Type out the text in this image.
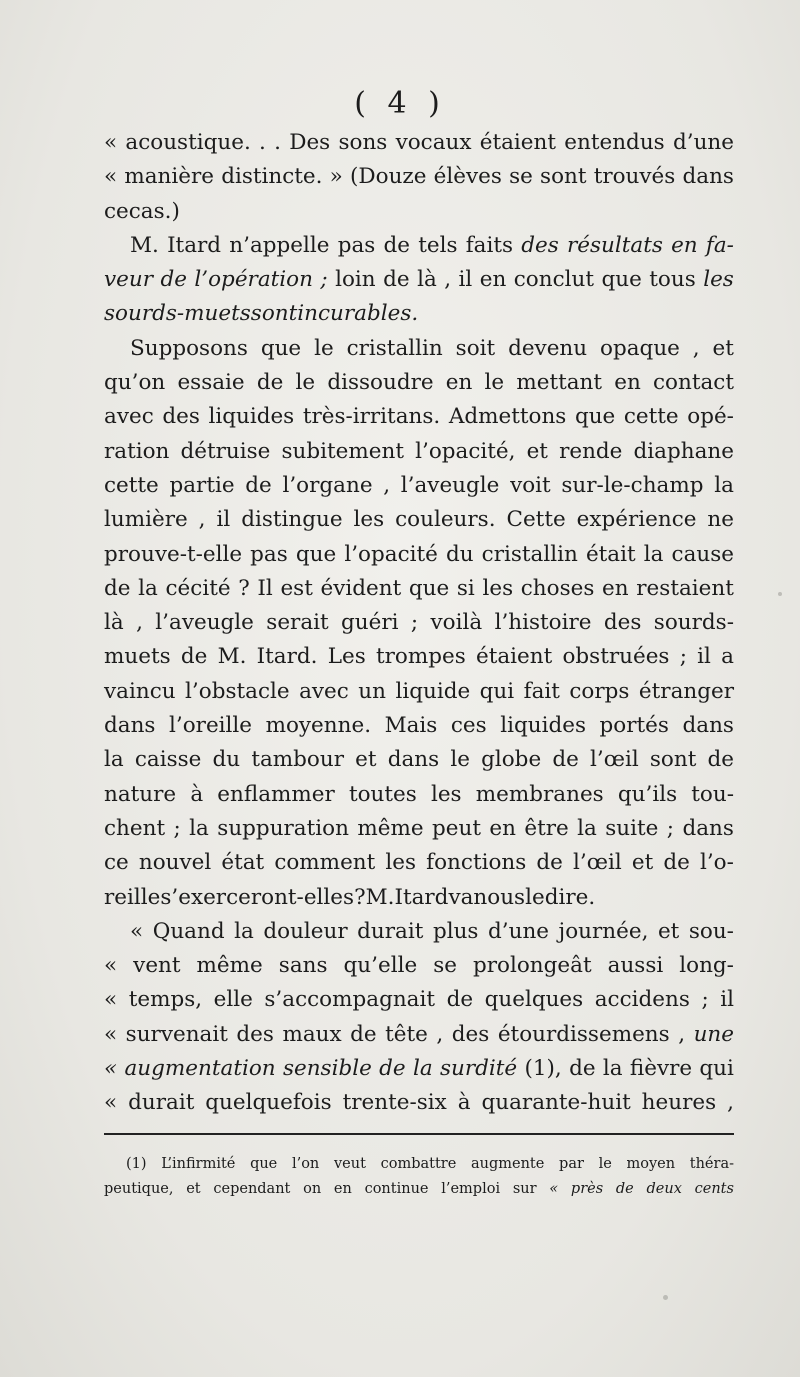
( 4 )
« acoustique. . . Des sons vocaux étaient entendus d’une
« manière distincte. » (Douze élèves se sont trouvés dans
ce cas. )
M. Itard n’appelle pas de tels faits des résultats en fa-
veur de l’opération ; loin de là , il en conclut que tous les
sourds-muets sont incurables.
Supposons que le cristallin soit devenu opaque , et
qu’on essaie de le dissoudre en le mettant en contact
avec des liquides très-irritans. Admettons que cette opé-
ration détruise subitement l’opacité, et rende diaphane
cette partie de l’organe , l’aveugle voit sur-le-champ la
lumière , il distingue les couleurs. Cette expérience ne
prouve-t-elle pas que l’opacité du cristallin était la cause
de la cécité ? Il est évident que si les choses en restaient
là , l’aveugle serait guéri ; voilà l’histoire des sourds-
muets de M. Itard. Les trompes étaient obstruées ; il a
vaincu l’obstacle avec un liquide qui fait corps étranger
dans l’oreille moyenne. Mais ces liquides portés dans
la caisse du tambour et dans le globe de l’œil sont de
nature à enflammer toutes les membranes qu’ils tou-
chent ; la suppuration même peut en être la suite ; dans
ce nouvel état comment les fonctions de l’œil et de l’o-
reille s’exerceront-elles ? M. Itard va nous le dire.
« Quand la douleur durait plus d’une journée, et sou-
« vent même sans qu’elle se prolongeât aussi long-
« temps, elle s’accompagnait de quelques accidens ; il
« survenait des maux de tête , des étourdissemens , une
« augmentation sensible de la surdité (1), de la fièvre qui
« durait quelquefois trente-six à quarante-huit heures ,
(1) L’infirmité que l’on veut combattre augmente par le moyen théra-
peutique, et cependant on en continue l’emploi sur « près de deux cents
